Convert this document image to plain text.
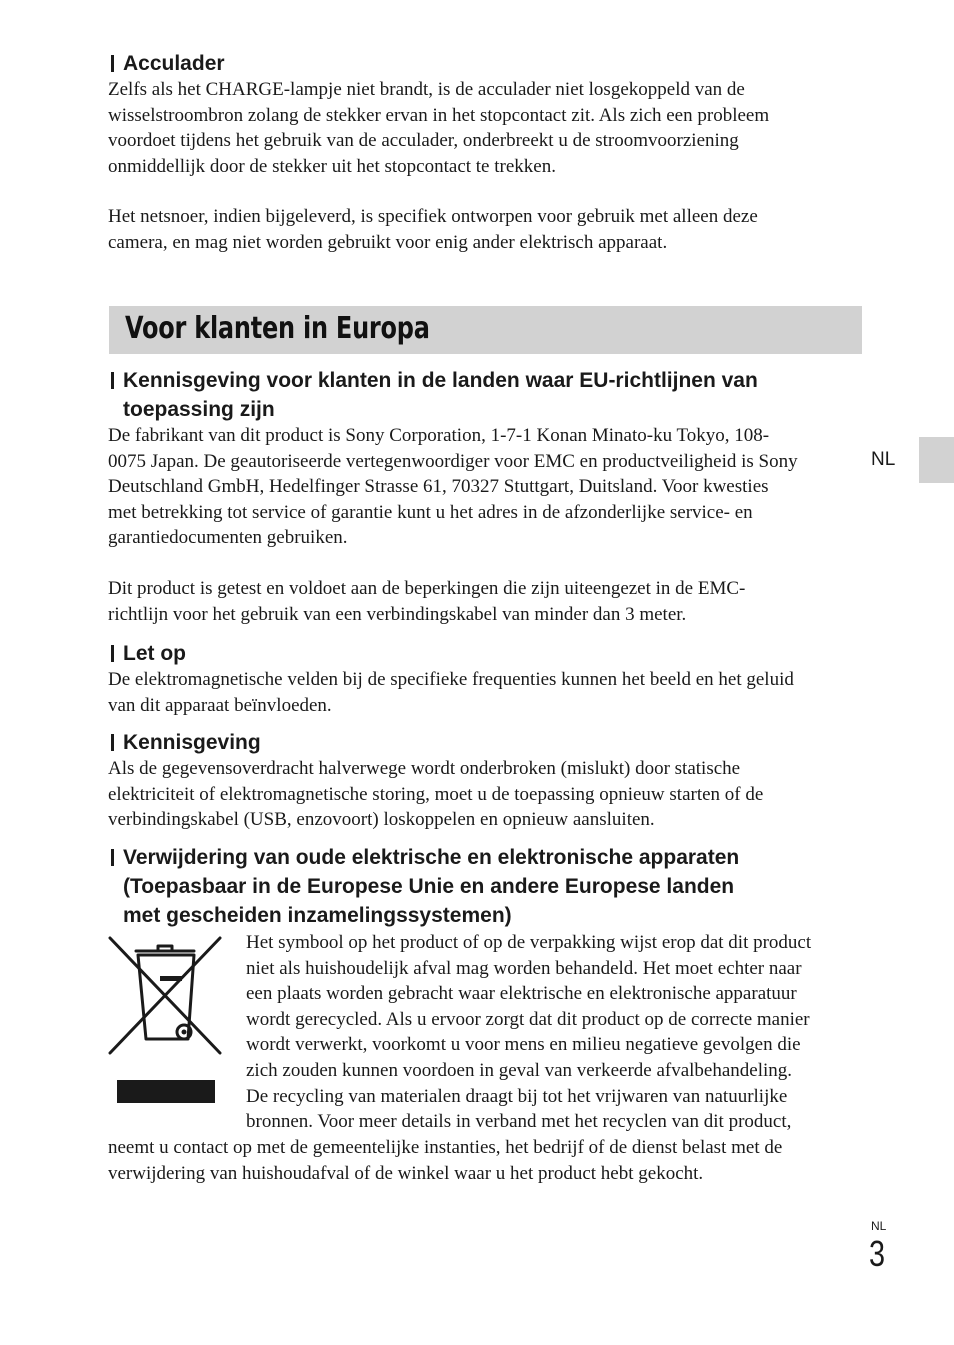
Acculader

Zelfs als het CHARGE-lampje niet brandt, is de acculader niet losgekoppeld van de
wisselstroombron zolang de stekker ervan in het stopcontact zit. Als zich een probleem
voordoet tijdens het gebruik van de acculader, onderbreekt u de stroomvoorziening
onmiddellijk door de stekker uit het stopcontact te trekken.

Het netsnoer, indien bijgeleverd, is specifiek ontworpen voor gebruik met alleen deze
camera, en mag niet worden gebruikt voor enig ander elektrisch apparaat.

Voor klanten in Europa
NL
Kennisgeving voor klanten in de landen waar EU-richtlijnen van
toepassing zijn

De fabrikant van dit product is Sony Corporation, 1-7-1 Konan Minato-ku Tokyo, 108-
0075 Japan. De geautoriseerde vertegenwoordiger voor EMC en productveiligheid is Sony
Deutschland GmbH, Hedelfinger Strasse 61, 70327 Stuttgart, Duitsland. Voor kwesties
met betrekking tot service of garantie kunt u het adres in de afzonderlijke service- en
garantiedocumenten gebruiken.

Dit product is getest en voldoet aan de beperkingen die zijn uiteengezet in de EMC-
richtlijn voor het gebruik van een verbindingskabel van minder dan 3 meter.

Let op

De elektromagnetische velden bij de specifieke frequenties kunnen het beeld en het geluid
van dit apparaat beïnvloeden.

Kennisgeving

Als de gegevensoverdracht halverwege wordt onderbroken (mislukt) door statische
elektriciteit of elektromagnetische storing, moet u de toepassing opnieuw starten of de
verbindingskabel (USB, enzovoort) loskoppelen en opnieuw aansluiten.

Verwijdering van oude elektrische en elektronische apparaten
(Toepasbaar in de Europese Unie en andere Europese landen
met gescheiden inzamelingssystemen)

Het symbool op het product of op de verpakking wijst erop dat dit product
niet als huishoudelijk afval mag worden behandeld. Het moet echter naar
een plaats worden gebracht waar elektrische en elektronische apparatuur
wordt gerecycled. Als u ervoor zorgt dat dit product op de correcte manier
wordt verwerkt, voorkomt u voor mens en milieu negatieve gevolgen die
zich zouden kunnen voordoen in geval van verkeerde afvalbehandeling.
De recycling van materialen draagt bij tot het vrijwaren van natuurlijke
bronnen. Voor meer details in verband met het recyclen van dit product,

neemt u contact op met de gemeentelijke instanties, het bedrijf of de dienst belast met de
verwijdering van huishoudafval of de winkel waar u het product hebt gekocht.

NL
3
